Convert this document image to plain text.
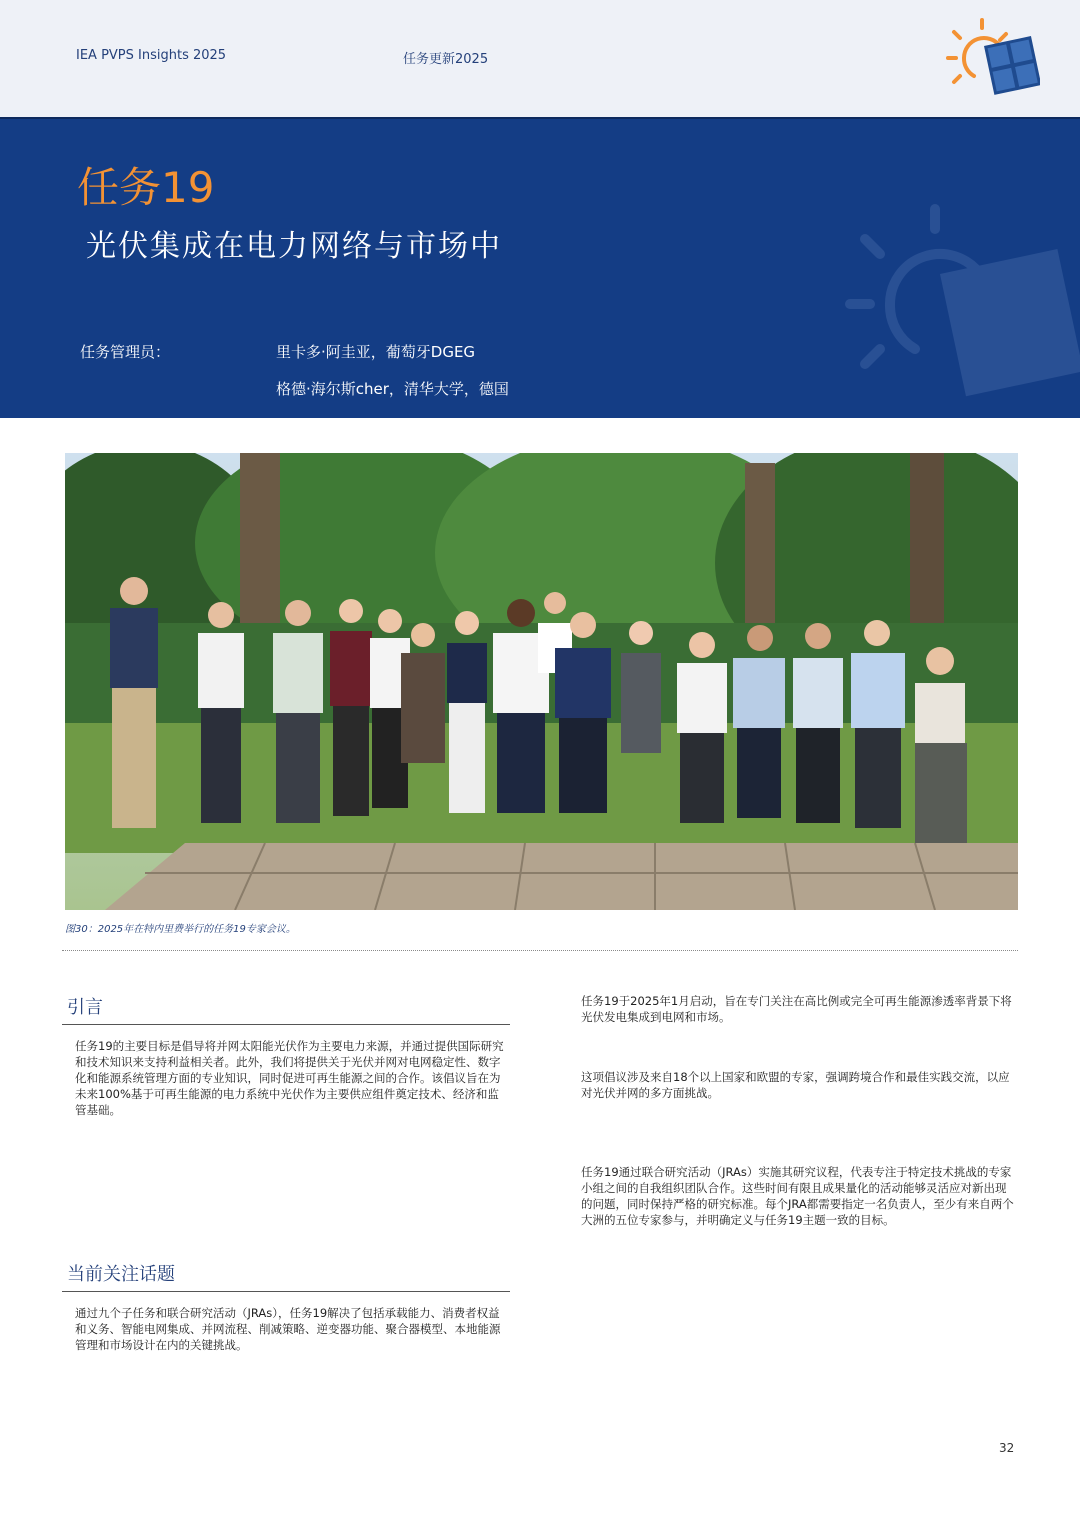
IEA PVPS Insights 2025	任务更新2025
任务19
光伏集成在电力网络与市场中
任务管理员：	里卡多·阿圭亚，葡萄牙DGEG
格德·海尔斯cher，清华大学，德国
图30：2025年在特内里费举行的任务19专家会议。
引言

任务19的主要目标是倡导将并网太阳能光伏作为主要电力来源，并通过提供国际研究和技术知识来支持利益相关者。此外，我们将提供关于光伏并网对电网稳定性、数字化和能源系统管理方面的专业知识，同时促进可再生能源之间的合作。该倡议旨在为未来100%基于可再生能源的电力系统中光伏作为主要供应组件奠定技术、经济和监管基础。

当前关注话题

通过九个子任务和联合研究活动（JRAs），任务19解决了包括承载能力、消费者权益和义务、智能电网集成、并网流程、削减策略、逆变器功能、聚合器模型、本地能源管理和市场设计在内的关键挑战。

任务19于2025年1月启动，旨在专门关注在高比例或完全可再生能源渗透率背景下将光伏发电集成到电网和市场。

这项倡议涉及来自18个以上国家和欧盟的专家，强调跨境合作和最佳实践交流，以应对光伏并网的多方面挑战。

任务19通过联合研究活动（JRAs）实施其研究议程，代表专注于特定技术挑战的专家小组之间的自我组织团队合作。这些时间有限且成果量化的活动能够灵活应对新出现的问题，同时保持严格的研究标准。每个JRA都需要指定一名负责人，至少有来自两个大洲的五位专家参与，并明确定义与任务19主题一致的目标。

32
